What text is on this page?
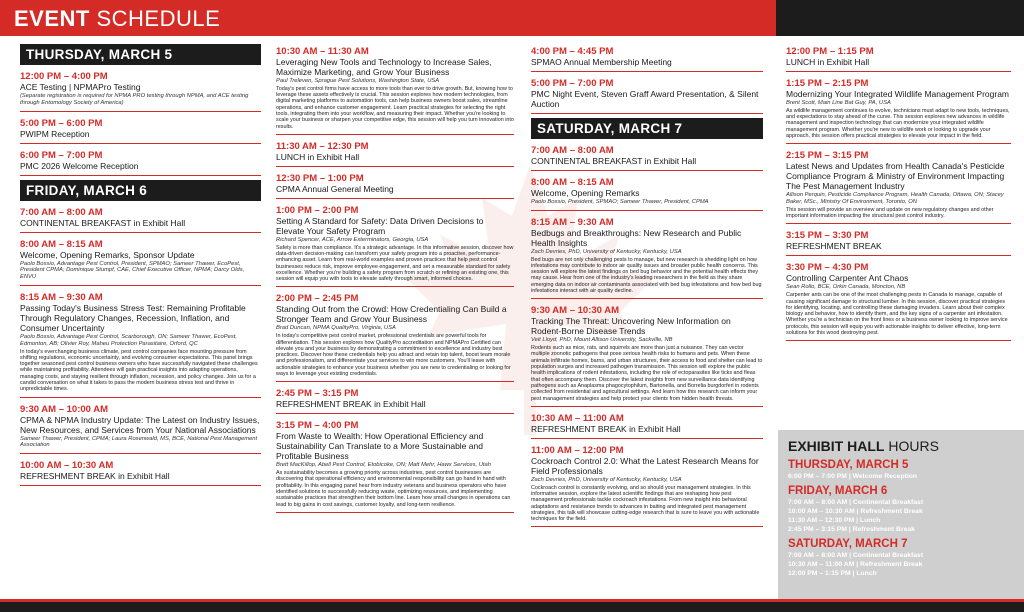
EVENT SCHEDULE
THURSDAY, MARCH 5
12:00 PM – 4:00 PM
ACE Testing | NPMAPro Testing
(Separate registration is required for NPMA PRO testing through NPMA, and ACE testing through Entomology Society of America)
5:00 PM – 6:00 PM
PWIPM Reception
6:00 PM – 7:00 PM
PMC 2026 Welcome Reception
FRIDAY, MARCH 6
7:00 AM – 8:00 AM
CONTINENTAL BREAKFAST in Exhibit Hall
8:00 AM – 8:15 AM
Welcome, Opening Remarks, Sponsor Update
Paolo Bossio, Advantage Pest Control, President, SPMAO; Sameer Thawer, EcoPest, President CPMA; Dominique Stumpf, CAE, Chief Executive Officer, NPMA; Darcy Olds, ENVU
8:15 AM – 9:30 AM
Passing Today's Business Stress Test: Remaining Profitable Through Regulatory Changes, Recession, Inflation, and Consumer Uncertainty
Paolo Bossio, Advantage Pest Control, Scarborough, ON; Sameer Thawer, EcoPest, Edmonton, AB; Olivier Roy, Maheu Protection Parasitaire, Orford, QC
In today's everchanging business climate, pest control companies face mounting pressure from shifting regulations, economic uncertainty, and evolving consumer expectations. This panel brings together seasoned pest control business owners who have successfully navigated these challenges while maintaining profitability. Attendees will gain practical insights into adapting operations, managing costs, and staying resilient through inflation, recession, and policy changes. Join us for a candid conversation on what it takes to pass the modern business stress test and thrive in unpredictable times.
9:30 AM – 10:00 AM
CPMA & NPMA Industry Update: The Latest on Industry Issues, New Resources, and Services from Your National Associations
Sameer Thawer, President, CPMA; Laura Rosenwald, MS, BCE, National Pest Management Association
10:00 AM – 10:30 AM
REFRESHMENT BREAK in Exhibit Hall
10:30 AM – 11:30 AM
Leveraging New Tools and Technology to Increase Sales, Maximize Marketing, and Grow Your Business
Paul Treleven, Sprague Pest Solutions, Washington State, USA
Today's pest control firms have access to more tools than ever to drive growth. But, knowing how to leverage these assets effectively is crucial. This session explores how modern technologies, from digital marketing platforms to automation tools, can help business owners boost sales, streamline operations, and enhance customer engagement. Learn practical strategies for selecting the right tools, integrating them into your workflow, and measuring their impact. Whether you're looking to scale your business or sharpen your competitive edge, this session will help you turn innovation into results.
11:30 AM – 12:30 PM
LUNCH in Exhibit Hall
12:30 PM – 1:00 PM
CPMA Annual General Meeting
1:00 PM – 2:00 PM
Setting A Standard for Safety: Data Driven Decisions to Elevate Your Safety Program
Richard Spencer, ACE, Arrow Exterminators, Georgia, USA
Safety is more than compliance. It's a strategic advantage. In this informative session, discover how data-driven decision-making can transform your safety program into a proactive, performance-enhancing asset. Learn from real-world examples and proven practices that help pest control businesses reduce risk, improve employee engagement, and set a measurable standard for safety excellence. Whether you're building a safety program from scratch or refining an existing one, this session will equip you with tools to elevate safety through smart, informed choices.
2:00 PM – 2:45 PM
Standing Out from the Crowd: How Credentialing Can Build a Stronger Team and Grow Your Business
Brad Duncan, NPMA QualityPro, Virginia, USA
In today's competitive pest control market, professional credentials are powerful tools for differentiation. This session explores how QualityPro accreditation and NPMAPro Certified can elevate you and your business by demonstrating a commitment to excellence and industry best practices. Discover how these credentials help you attract and retain top talent, boost team morale and professionalism, and differentiate your services to win more customers. You'll leave with actionable strategies to enhance your business whether you are new to credentialing or looking for ways to leverage your existing credentials.
2:45 PM – 3:15 PM
REFRESHMENT BREAK in Exhibit Hall
3:15 PM – 4:00 PM
From Waste to Wealth: How Operational Efficiency and Sustainability Can Translate to a More Sustainable and Profitable Business
Brett MacKillop, Abell Pest Control, Etobicoke, ON; Matt Mehr, Hawx Services, Utah
As sustainability becomes a growing priority across industries, pest control businesses are discovering that operational efficiency and environmental responsibility can go hand in hand with profitability. In this engaging panel hear from industry veterans and business operators who have identified solutions to successfully reducing waste, optimizing resources, and implementing sustainable practices that strengthen their bottom line. Learn how small changes in operations can lead to big gains in cost savings, customer loyalty, and long-term resilience.
4:00 PM – 4:45 PM
SPMAO Annual Membership Meeting
5:00 PM – 7:00 PM
PMC Night Event, Steven Graff Award Presentation, & Silent Auction
SATURDAY, MARCH 7
7:00 AM – 8:00 AM
CONTINENTAL BREAKFAST in Exhibit Hall
8:00 AM – 8:15 AM
Welcome, Opening Remarks
Paolo Bossio, President, SPMAO; Sameer Thawer, President, CPMA
8:15 AM – 9:30 AM
Bedbugs and Breakthroughs: New Research and Public Health Insights
Zach Devries, PhD, University of Kentucky, Kentucky, USA
Bed bugs are not only challenging pests to manage, but new research is shedding light on how infestations may contribute to indoor air quality issues and broader public health concerns. This session will explore the latest findings on bed bug behavior and the potential health effects they may cause. Hear from one of the industry's leading researchers in the field as they share emerging data on indoor air contaminants associated with bed bug infestations and how bed bug infestations interact with air quality decline.
9:30 AM – 10:30 AM
Tracking The Threat: Uncovering New Information on Rodent-Borne Disease Trends
Veit Lloyd, PhD, Mount Allison University, Sackville, NB
Rodents such as mice, rats, and squirrels are more than just a nuisance. They can vector multiple zoonotic pathogens that pose serious health risks to humans and pets. When these animals infiltrate homes, barns, and urban structures, their access to food and shelter can lead to population surges and increased pathogen transmission. This session will explore the public health implications of rodent infestations, including the role of ectoparasites like ticks and fleas that often accompany them. Discover the latest insights from new surveillance data identifying pathogens such as Anaplasma phagocytophilum, Bartonella, and Borrelia burgdorferi in rodents collected from residential and agricultural settings. And learn how this research can inform your pest management strategies and help protect your clients from hidden health threats.
10:30 AM – 11:00 AM
REFRESHMENT BREAK in Exhibit Hall
11:00 AM – 12:00 PM
Cockroach Control 2.0: What the Latest Research Means for Field Professionals
Zach Devries, PhD, University of Kentucky, Kentucky, USA
Cockroach control is constantly evolving, and so should your management strategies. In this informative session, explore the latest scientific findings that are reshaping how pest management professionals tackle cockroach infestations. From new insight into behavioral adaptations and resistance trends to advances in baiting and integrated pest management strategies, this talk will showcase cutting-edge research that is sure to leave you with actionable techniques for the field.
12:00 PM – 1:15 PM
LUNCH in Exhibit Hall
1:15 PM – 2:15 PM
Modernizing Your Integrated Wildlife Management Program
Brent Scott, Main Line Bat Guy, PA, USA
As wildlife management continues to evolve, technicians must adapt to new tools, techniques, and expectations to stay ahead of the curve. This session explores new advances in wildlife management and inspection technology that can modernize your integrated wildlife management program. Whether you're new to wildlife work or looking to upgrade your approach, this session offers practical strategies to elevate your impact in the field.
2:15 PM – 3:15 PM
Latest News and Updates from Health Canada's Pesticide Compliance Program & Ministry of Environment Impacting The Pest Management Industry
Allison Perquin, Pesticide Compliance Program, Health Canada, Ottawa, ON; Stacey Baker, MSc., Ministry Of Environment, Toronto, ON
This session will provide an overview and update on new regulatory changes and other important information impacting the structural pest control industry.
3:15 PM – 3:30 PM
REFRESHMENT BREAK
3:30 PM – 4:30 PM
Controlling Carpenter Ant Chaos
Sean Rollo, BCE, Orkin Canada, Moncton, NB
Carpenter ants can be one of the most challenging pests in Canada to manage, capable of causing significant damage to structural lumber. In this session, discover practical strategies for identifying, locating, and controlling these damaging invaders. Learn about their complex biology and behavior, how to identify them, and the key signs of a carpenter ant infestation. Whether you're a technician on the front lines or a business owner looking to improve service protocols, this session will equip you with actionable insights to deliver effective, long-term solutions for this wood destroying pest.
EXHIBIT HALL HOURS
THURSDAY, MARCH 5
6:00 PM – 7:00 PM | Welcome Reception
FRIDAY, MARCH 6
7:00 AM – 8:00 AM | Continental Breakfast
10:00 AM – 10:30 AM | Refreshment Break
11:30 AM – 12:30 PM | Lunch
2:45 PM – 3:15 PM | Refreshment Break
SATURDAY, MARCH 7
7:00 AM – 8:00 AM | Continental Breakfast
10:30 AM – 11:00 AM | Refreshment Break
12:00 PM – 1:15 PM | Lunch
